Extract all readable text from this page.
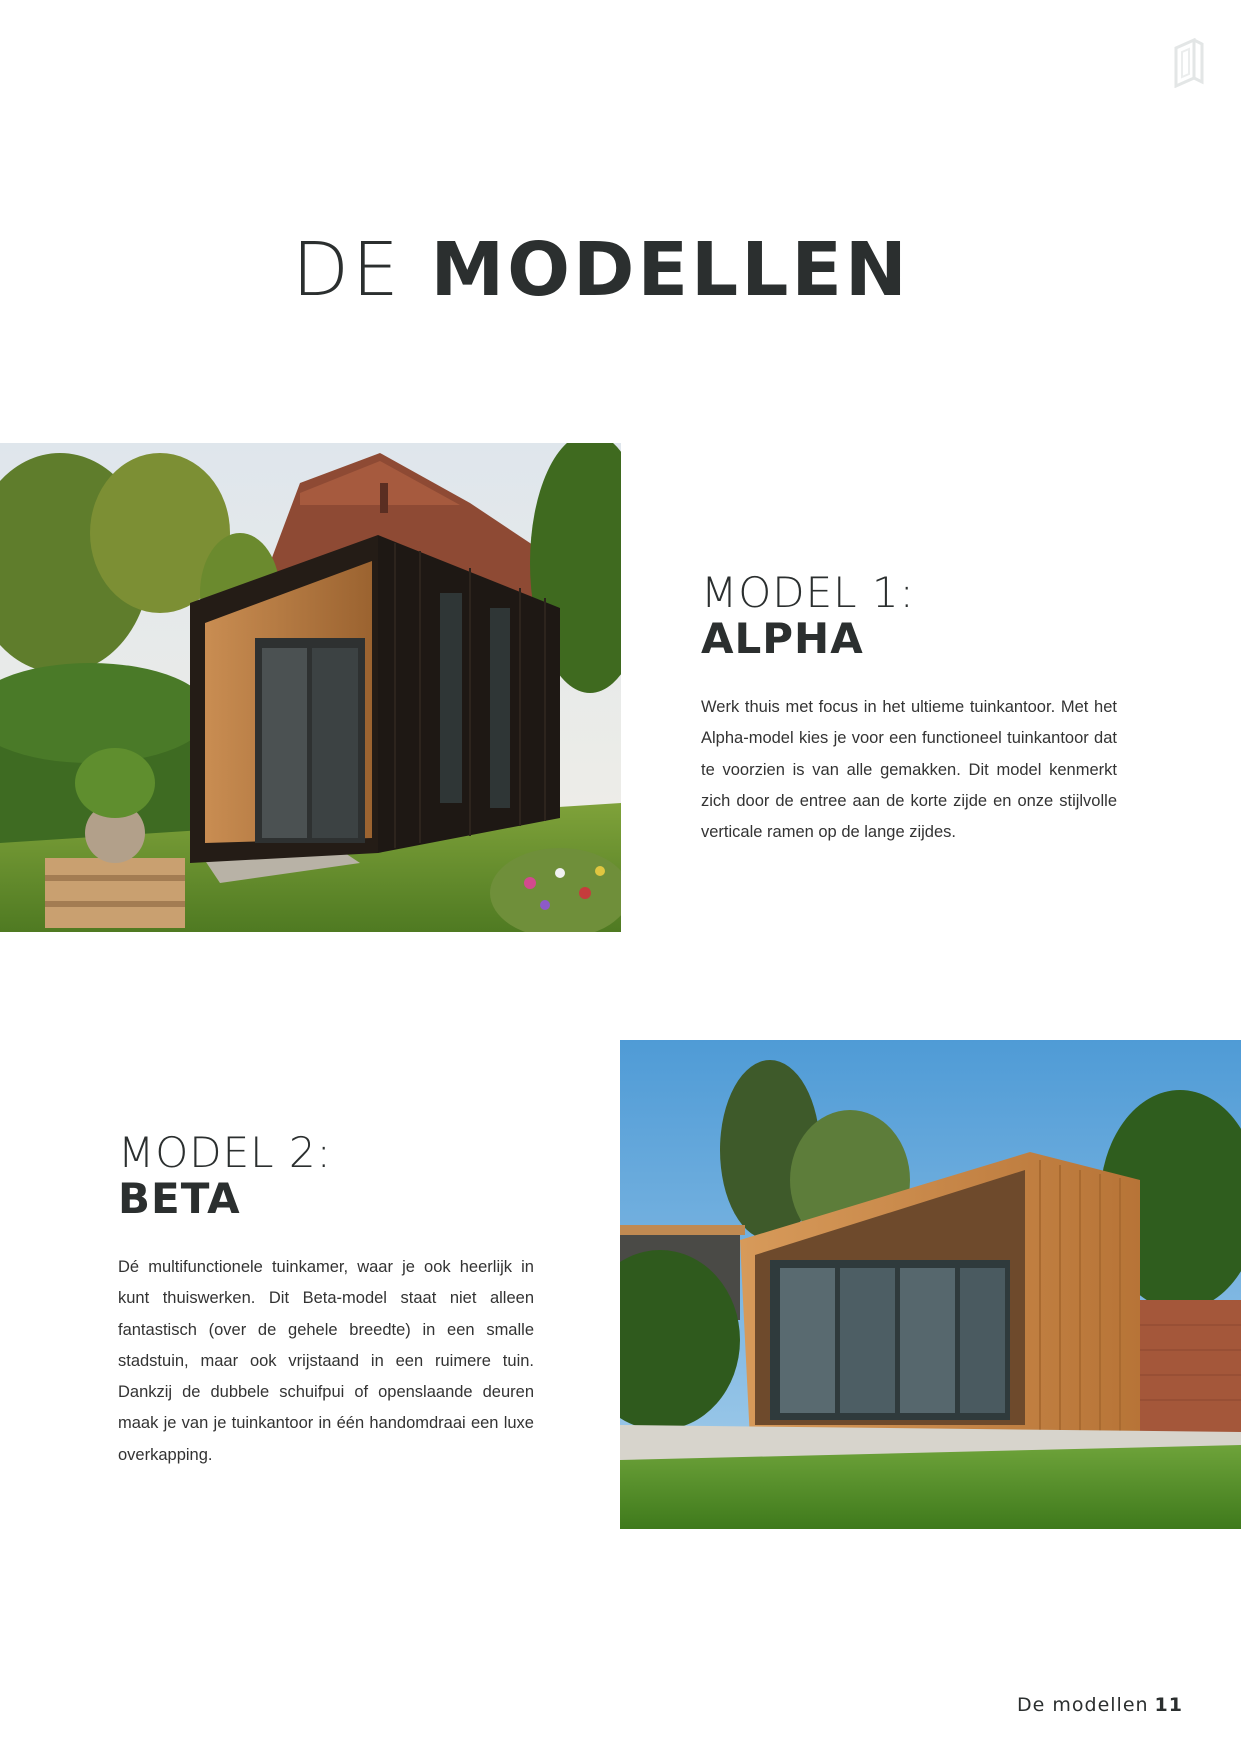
DE MODELLEN
MODEL 1:
ALPHA

Werk thuis met focus in het ultieme tuinkantoor. Met het Alpha-model kies je voor een functioneel tuinkantoor dat te voorzien is van alle gemakken. Dit model kenmerkt zich door de entree aan de korte zijde en onze stijlvolle verticale ramen op de lange zijdes.

MODEL 2:
BETA

Dé multifunctionele tuinkamer, waar je ook heerlijk in kunt thuiswerken. Dit Beta-model staat niet alleen fantastisch (over de gehele breedte) in een smalle stadstuin, maar ook vrijstaand in een ruimere tuin. Dankzij de dubbele schuifpui of openslaande deuren maak je van je tuinkantoor in één handomdraai een luxe overkapping.

De modellen 11
